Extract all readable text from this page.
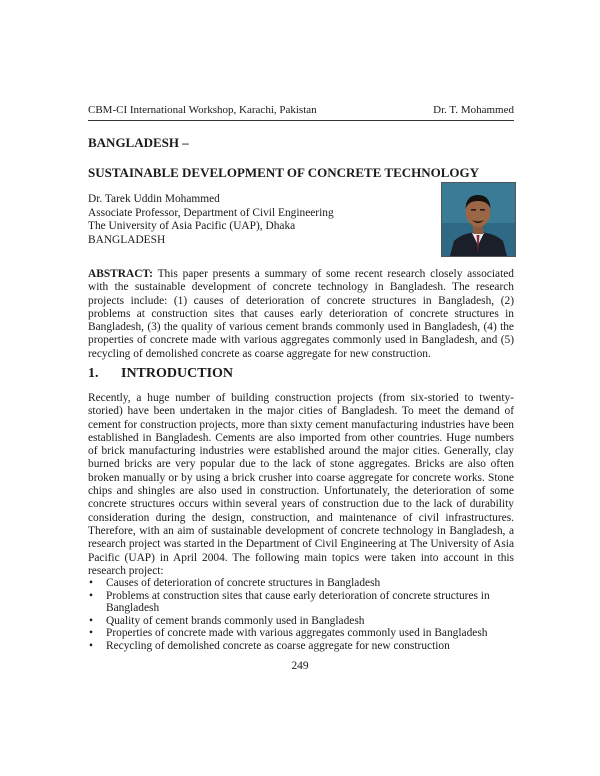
CBM-CI International Workshop, Karachi, Pakistan	Dr. T. Mohammed
BANGLADESH –
SUSTAINABLE DEVELOPMENT OF CONCRETE TECHNOLOGY
Dr. Tarek Uddin Mohammed
Associate Professor, Department of Civil Engineering
The University of Asia Pacific (UAP), Dhaka
BANGLADESH
ABSTRACT: This paper presents a summary of some recent research closely associated with the sustainable development of concrete technology in Bangladesh. The research projects include: (1) causes of deterioration of concrete structures in Bangladesh, (2) problems at construction sites that causes early deterioration of concrete structures in Bangladesh, (3) the quality of various cement brands commonly used in Bangladesh, (4) the properties of concrete made with various aggregates commonly used in Bangladesh, and (5) recycling of demolished concrete as coarse aggregate for new construction.
1. INTRODUCTION
Recently, a huge number of building construction projects (from six-storied to twenty-storied) have been undertaken in the major cities of Bangladesh. To meet the demand of cement for construction projects, more than sixty cement manufacturing industries have been established in Bangladesh. Cements are also imported from other countries. Huge numbers of brick manufacturing industries were established around the major cities. Generally, clay burned bricks are very popular due to the lack of stone aggregates. Bricks are also often broken manually or by using a brick crusher into coarse aggregate for concrete works. Stone chips and shingles are also used in construction. Unfortunately, the deterioration of some concrete structures occurs within several years of construction due to the lack of durability consideration during the design, construction, and maintenance of civil infrastructures. Therefore, with an aim of sustainable development of concrete technology in Bangladesh, a research project was started in the Department of Civil Engineering at The University of Asia Pacific (UAP) in April 2004. The following main topics were taken into account in this research project:
• Causes of deterioration of concrete structures in Bangladesh
• Problems at construction sites that cause early deterioration of concrete structures in Bangladesh
• Quality of cement brands commonly used in Bangladesh
• Properties of concrete made with various aggregates commonly used in Bangladesh
• Recycling of demolished concrete as coarse aggregate for new construction
249
